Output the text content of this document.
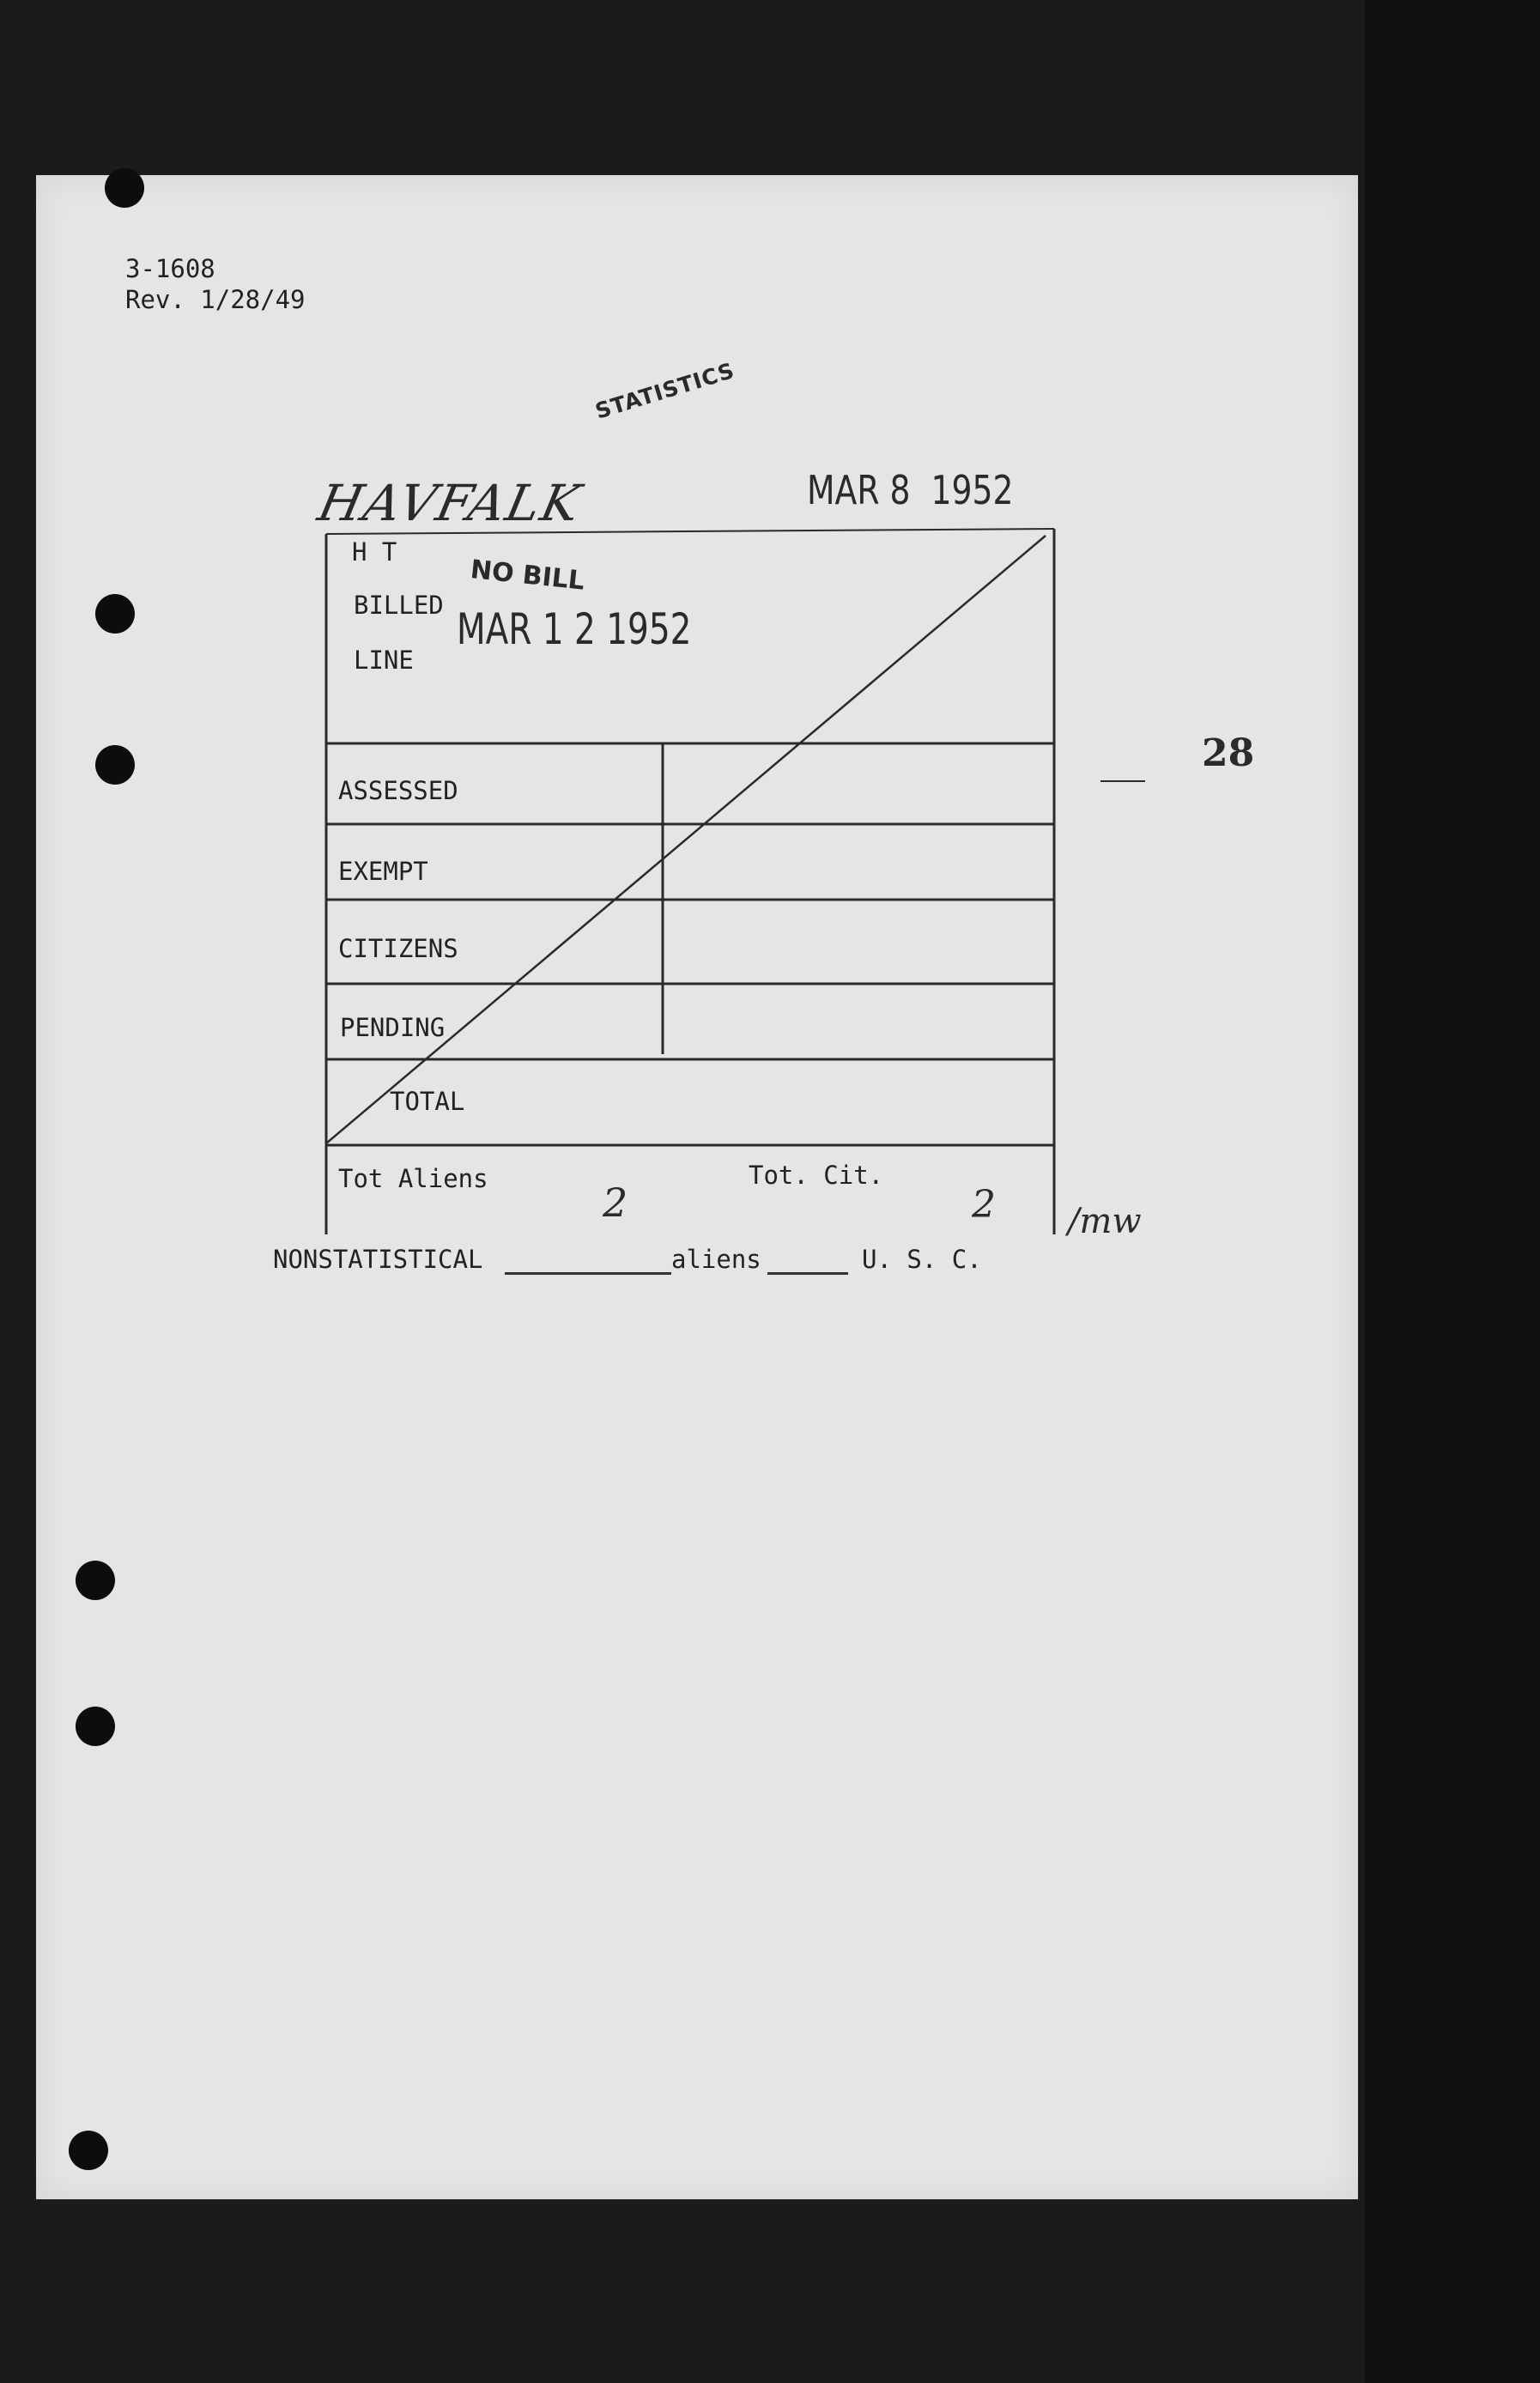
3-1608
Rev. 1/28/49
STATISTICS
HAVFALK	MAR 8  1952
H T
BILLED
LINE
NO BILL
MAR 1 2 1952
28
ASSESSED
EXEMPT
CITIZENS
PENDING
TOTAL
Tot Aliens	Tot. Cit.
2	2 /mw
NONSTATISTICAL	aliens	U. S. C.
